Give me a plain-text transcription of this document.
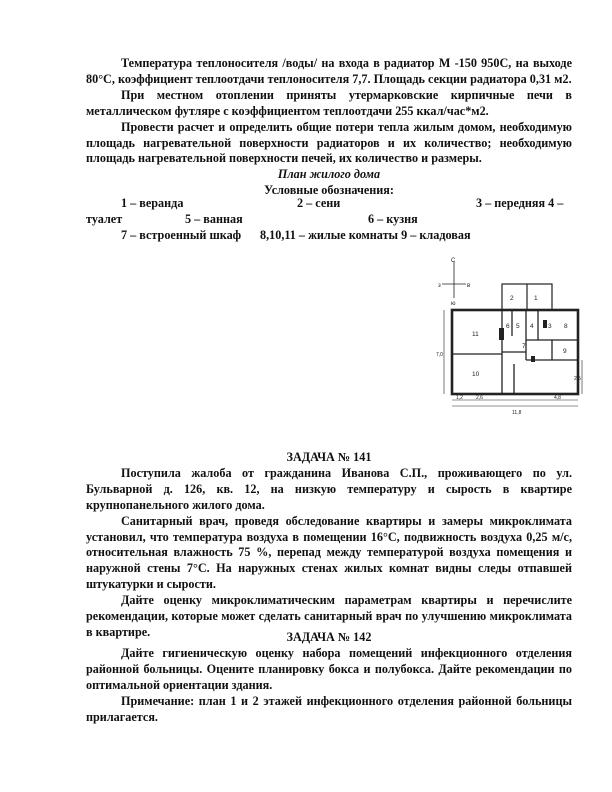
Температура теплоносителя /воды/ на входа в радиатор М -150 950С, на выходе 80°С, коэффициент теплоотдачи теплоносителя 7,7. Площадь секции радиатора 0,31 м2.

При местном отоплении приняты утермарковские кирпичные печи в металлическом футляре с коэффициентом теплоотдачи 255 ккал/час*м2.

Провести расчет и определить общие потери тепла жилым домом, необходимую площадь нагревательной поверхности радиаторов и их количество; необходимую площадь нагревательной поверхности печей, их количество и размеры.

План жилого дома

Условные обозначения:

1 – веранда	2 – сени	3 – передняя 4 –
туалет	5 – ванная	6 – кузня
7 – встроенный шкаф 8,10,11 – жилые комнаты 9 – кладовая
С
з	в
ю
1
2
3
4
5
6
7
8
9
10
11
1,2	2,6	4,8
11,8
7,0
2,5

ЗАДАЧА № 141

Поступила жалоба от гражданина Иванова С.П., проживающего по ул. Бульварной д. 126, кв. 12, на низкую температуру и сырость в квартире крупнопанельного жилого дома.

Санитарный врач, проведя обследование квартиры и замеры микроклимата установил, что температура воздуха в помещении 16°С, подвижность воздуха 0,25 м/с, относительная влажность 75 %, перепад между температурой воздуха помещения и наружной стены 7°С. На наружных стенах жилых комнат видны следы отпавшей штукатурки и сырости.

Дайте оценку микроклиматическим параметрам квартиры и перечислите рекомендации, которые может сделать санитарный врач по улучшению микроклимата в квартире.	ЗАДАЧА № 142

Дайте гигиеническую оценку набора помещений инфекционного отделения районной больницы. Оцените планировку бокса и полубокса. Дайте рекомендации по оптимальной ориентации здания.

Примечание: план 1 и 2 этажей инфекционного отделения районной больницы прилагается.
